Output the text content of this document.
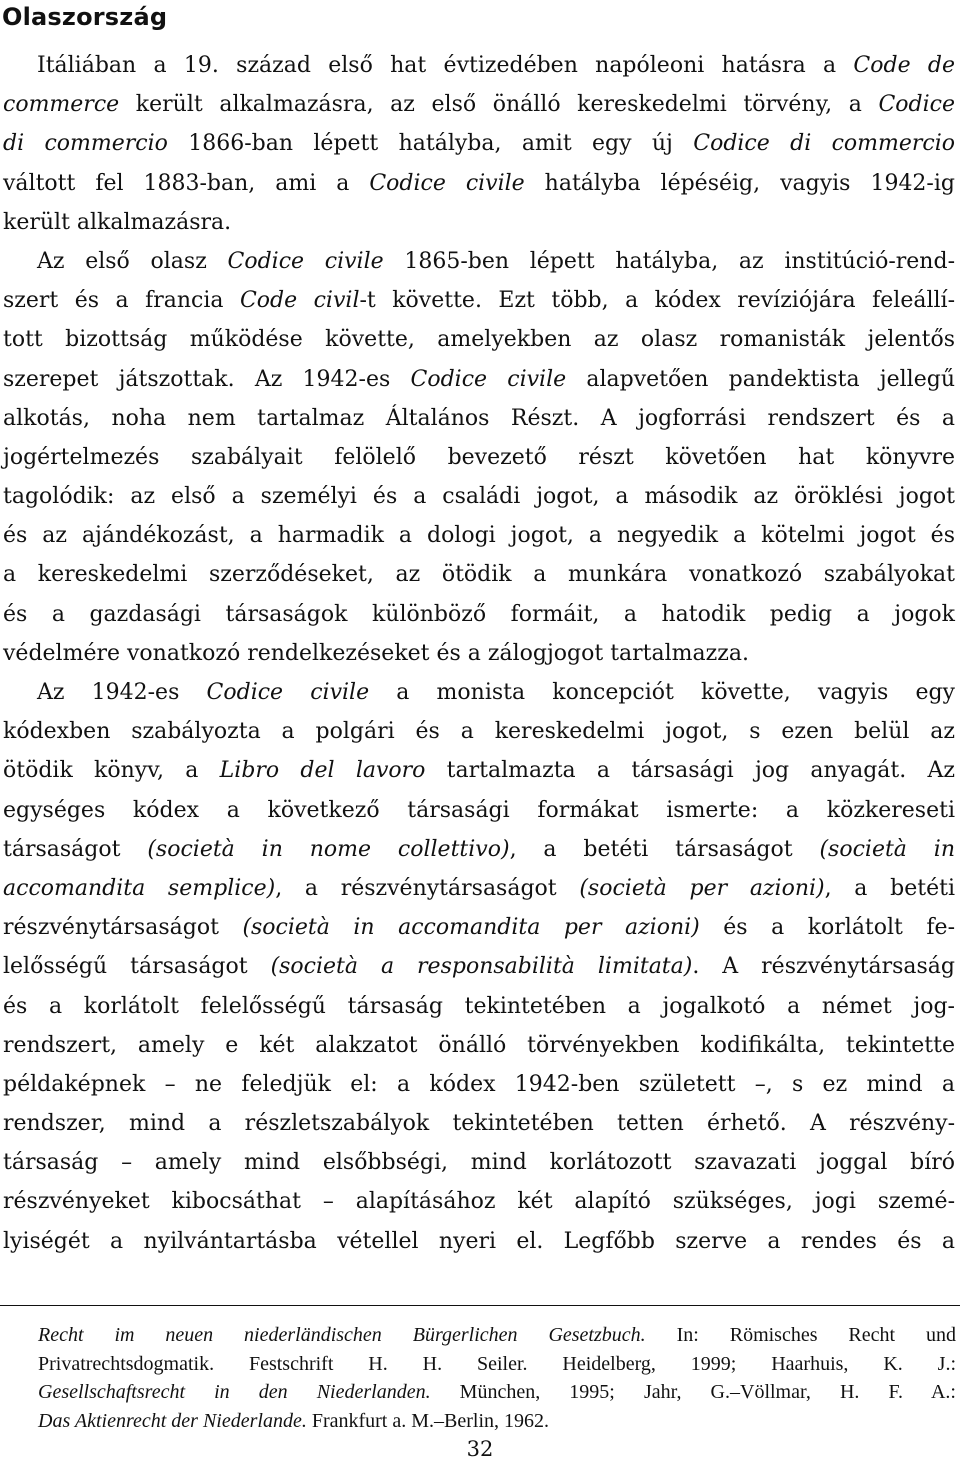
Olaszország
Itáliában a 19. század első hat évtizedében napóleoni hatásra a Code de
commerce került alkalmazásra, az első önálló kereskedelmi törvény, a Codice
di commercio 1866-ban lépett hatályba, amit egy új Codice di commercio
váltott fel 1883-ban, ami a Codice civile hatályba lépéséig, vagyis 1942-ig
került alkalmazásra.
Az első olasz Codice civile 1865-ben lépett hatályba, az institúció-rend-
szert és a francia Code civil-t követte. Ezt több, a kódex revíziójára feleállí-
tott bizottság működése követte, amelyekben az olasz romanisták jelentős
szerepet játszottak. Az 1942-es Codice civile alapvetően pandektista jellegű
alkotás, noha nem tartalmaz Általános Részt. A jogforrási rendszert és a
jogértelmezés szabályait felölelő bevezető részt követően hat könyvre
tagolódik: az első a személyi és a családi jogot, a második az öröklési jogot
és az ajándékozást, a harmadik a dologi jogot, a negyedik a kötelmi jogot és
a kereskedelmi szerződéseket, az ötödik a munkára vonatkozó szabályokat
és a gazdasági társaságok különböző formáit, a hatodik pedig a jogok
védelmére vonatkozó rendelkezéseket és a zálogjogot tartalmazza.
Az 1942-es Codice civile a monista koncepciót követte, vagyis egy
kódexben szabályozta a polgári és a kereskedelmi jogot, s ezen belül az
ötödik könyv, a Libro del lavoro tartalmazta a társasági jog anyagát. Az
egységes kódex a következő társasági formákat ismerte: a közkereseti
társaságot (società in nome collettivo), a betéti társaságot (società in
accomandita semplice), a részvénytársaságot (società per azioni), a betéti
részvénytársaságot (società in accomandita per azioni) és a korlátolt fe-
lelősségű társaságot (società a responsabilità limitata). A részvénytársaság
és a korlátolt felelősségű társaság tekintetében a jogalkotó a német jog-
rendszert, amely e két alakzatot önálló törvényekben kodifikálta, tekintette
példaképnek – ne feledjük el: a kódex 1942-ben született –, s ez mind a
rendszer, mind a részletszabályok tekintetében tetten érhető. A részvény-
társaság – amely mind elsőbbségi, mind korlátozott szavazati joggal bíró
részvényeket kibocsáthat – alapításához két alapító szükséges, jogi szemé-
lyiségét a nyilvántartásba vétellel nyeri el. Legfőbb szerve a rendes és a
Recht im neuen niederländischen Bürgerlichen Gesetzbuch. In: Römisches Recht und
Privatrechtsdogmatik. Festschrift H. H. Seiler. Heidelberg, 1999; Haarhuis, K. J.:
Gesellschaftsrecht in den Niederlanden. München, 1995; Jahr, G.–Völlmar, H. F. A.:
Das Aktienrecht der Niederlande. Frankfurt a. M.–Berlin, 1962.
32
